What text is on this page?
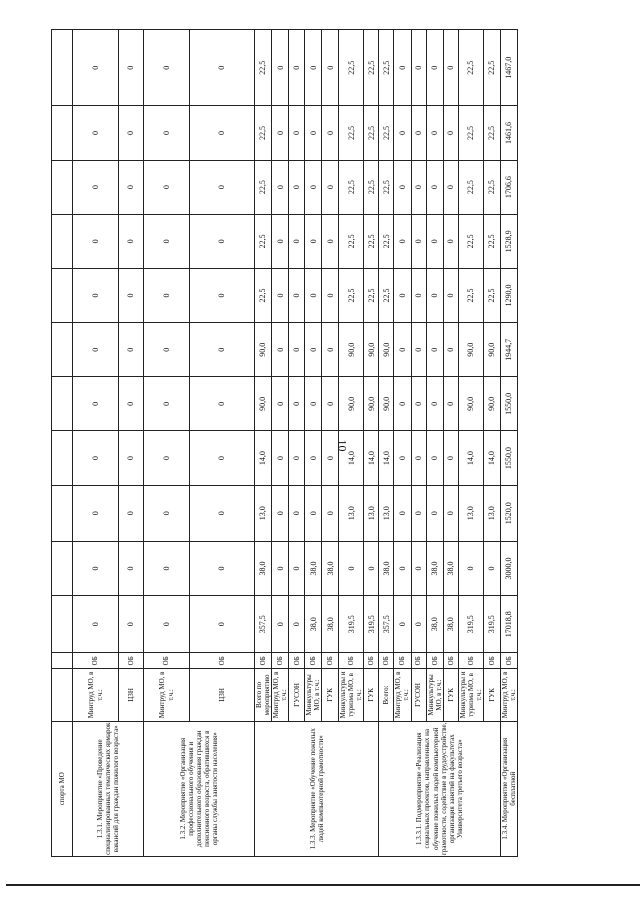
10
спорта МО													
1.3.1. Мероприятие «Проведение специализированных тематических ярмарок вакансий для граждан пожилого возраста»	Минтруд МО, в т.ч.:	ОБ	0	0	0	0	0	0	0	0	0	0	0
	ЦЗН	ОБ	0	0	0	0	0	0	0	0	0	0	0
1.3.2. Мероприятие «Организация профессионального обучения и дополнительного образования граждан пенсионного возраста, обратившихся в органы службы занятости населения»	Минтруд МО, в т.ч.:	ОБ	0	0	0	0	0	0	0	0	0	0	0
	ЦЗН	ОБ	0	0	0	0	0	0	0	0	0	0	0
1.3.3. Мероприятие «Обучение пожилых людей компьютерной грамотности»	Всего по мероприятию	ОБ	357,5	38,0	13,0	14,0	90,0	90,0	22,5	22,5	22,5	22,5	22,5
	Минтруд МО, в т.ч.:	ОБ	0	0	0	0	0	0	0	0	0	0	0
	ГУСОН	ОБ	0	0	0	0	0	0	0	0	0	0	0
	Минкультуры МО, в т.ч.:	ОБ	38,0	38,0	0	0	0	0	0	0	0	0	0
	ГУК	ОБ	38,0	38,0	0	0	0	0	0	0	0	0	0
	Минкультуры и туризма МО, в т.ч.:	ОБ	319,5	0	13,0	14,0	90,0	90,0	22,5	22,5	22,5	22,5	22,5
	ГУК	ОБ	319,5	0	13,0	14,0	90,0	90,0	22,5	22,5	22,5	22,5	22,5
1.3.3.1. Подмероприятие «Реализация социальных проектов, направленных на обучение пожилых людей компьютерной грамотности, содействие в трудоустройстве, организация занятий на факультетах Университета третьего возраста»	Всего:	ОБ	357,5	38,0	13,0	14,0	90,0	90,0	22,5	22,5	22,5	22,5	22,5
	Минтруд МО, в т.ч.:	ОБ	0	0	0	0	0	0	0	0	0	0	0
	ГУСОН	ОБ	0	0	0	0	0	0	0	0	0	0	0
	Минкультуры МО, в т.ч.:	ОБ	38,0	38,0	0	0	0	0	0	0	0	0	0
	ГУК	ОБ	38,0	38,0	0	0	0	0	0	0	0	0	0
	Минкультуры и туризма МО, в т.ч.:	ОБ	319,5	0	13,0	14,0	90,0	90,0	22,5	22,5	22,5	22,5	22,5
	ГУК	ОБ	319,5	0	13,0	14,0	90,0	90,0	22,5	22,5	22,5	22,5	22,5
1.3.4. Мероприятие «Организация бесплатной	Минтруд МО, в т.ч.:	ОБ	17018,8	3000,0	1520,0	1550,0	1550,0	1944,7	1290,0	1528,9	1706,6	1461,6	1467,0
